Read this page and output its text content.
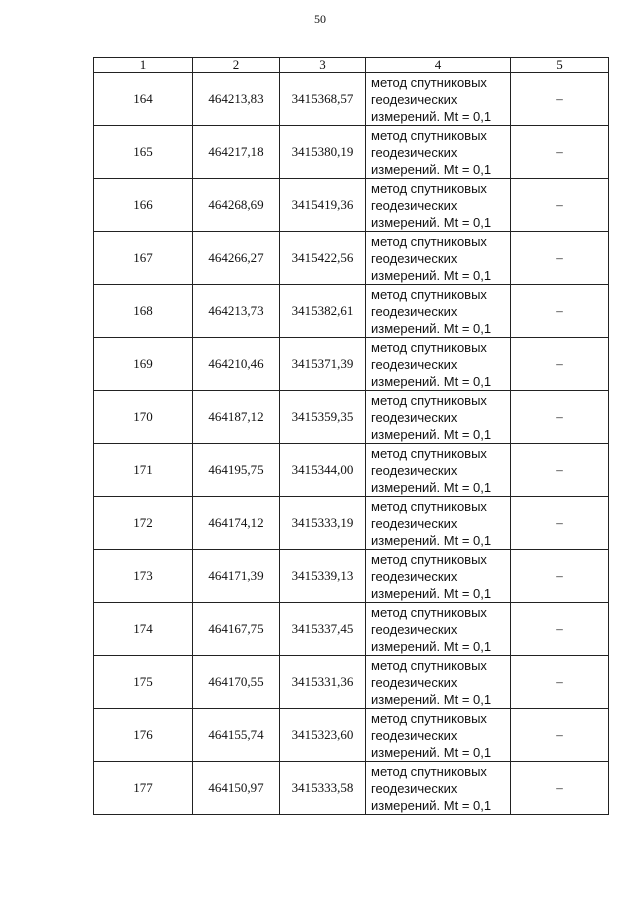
50
1	2	3	4	5
164	464213,83	3415368,57	метод спутниковых
геодезических
измерений. Mt = 0,1	–
165	464217,18	3415380,19	метод спутниковых
геодезических
измерений. Mt = 0,1	–
166	464268,69	3415419,36	метод спутниковых
геодезических
измерений. Mt = 0,1	–
167	464266,27	3415422,56	метод спутниковых
геодезических
измерений. Mt = 0,1	–
168	464213,73	3415382,61	метод спутниковых
геодезических
измерений. Mt = 0,1	–
169	464210,46	3415371,39	метод спутниковых
геодезических
измерений. Mt = 0,1	–
170	464187,12	3415359,35	метод спутниковых
геодезических
измерений. Mt = 0,1	–
171	464195,75	3415344,00	метод спутниковых
геодезических
измерений. Mt = 0,1	–
172	464174,12	3415333,19	метод спутниковых
геодезических
измерений. Mt = 0,1	–
173	464171,39	3415339,13	метод спутниковых
геодезических
измерений. Mt = 0,1	–
174	464167,75	3415337,45	метод спутниковых
геодезических
измерений. Mt = 0,1	–
175	464170,55	3415331,36	метод спутниковых
геодезических
измерений. Mt = 0,1	–
176	464155,74	3415323,60	метод спутниковых
геодезических
измерений. Mt = 0,1	–
177	464150,97	3415333,58	метод спутниковых
геодезических
измерений. Mt = 0,1	–
